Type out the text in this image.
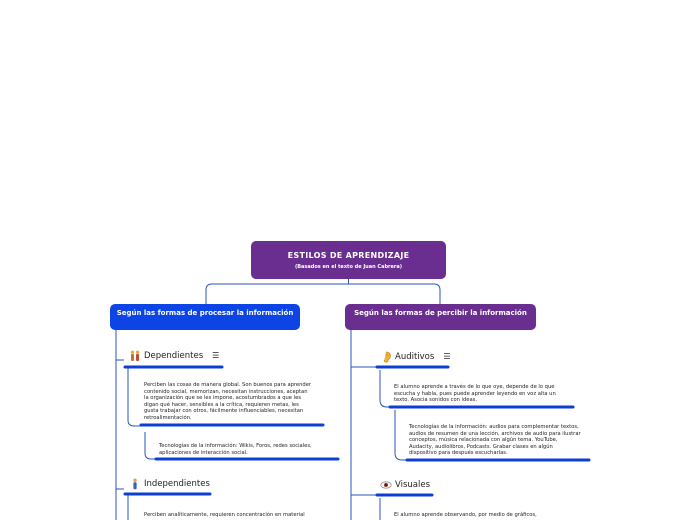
ESTILOS DE APRENDIZAJE
(Basados en el texto de Juan Cabrera)
Según las formas de procesar la información	Según las formas de percibir la información
Dependientes ☰
Perciben las cosas de manera global. Son buenos para aprender contenido social, memorizan, necesitan instrucciones, aceptan la organización que se les impone, acostumbrados a que les digan qué hacer, sensibles a la crítica, requieren metas, les gusta trabajar con otros, fácilmente influenciables, necesitan retroalimentación.
Tecnologías de la información: Wikis, Foros, redes sociales, aplicaciones de interacción social.
Independientes
Perciben analíticamente, requieren concentración en material
Auditivos ☰
El alumno aprende a través de lo que oye, depende de lo que escucha y habla, pues puede aprender leyendo en voz alta un texto. Asocia sonidos con ideas.
Tecnologías de la información: audios para complementar textos, audios de resumen de una lección, archivos de audio para ilustrar conceptos, música relacionada con algún tema. YouTube, Audacity, audiolibros, Podcasts. Grabar clases en algún dispositivo para después escucharlas.
Visuales
El alumno aprende observando, por medio de gráficos,
